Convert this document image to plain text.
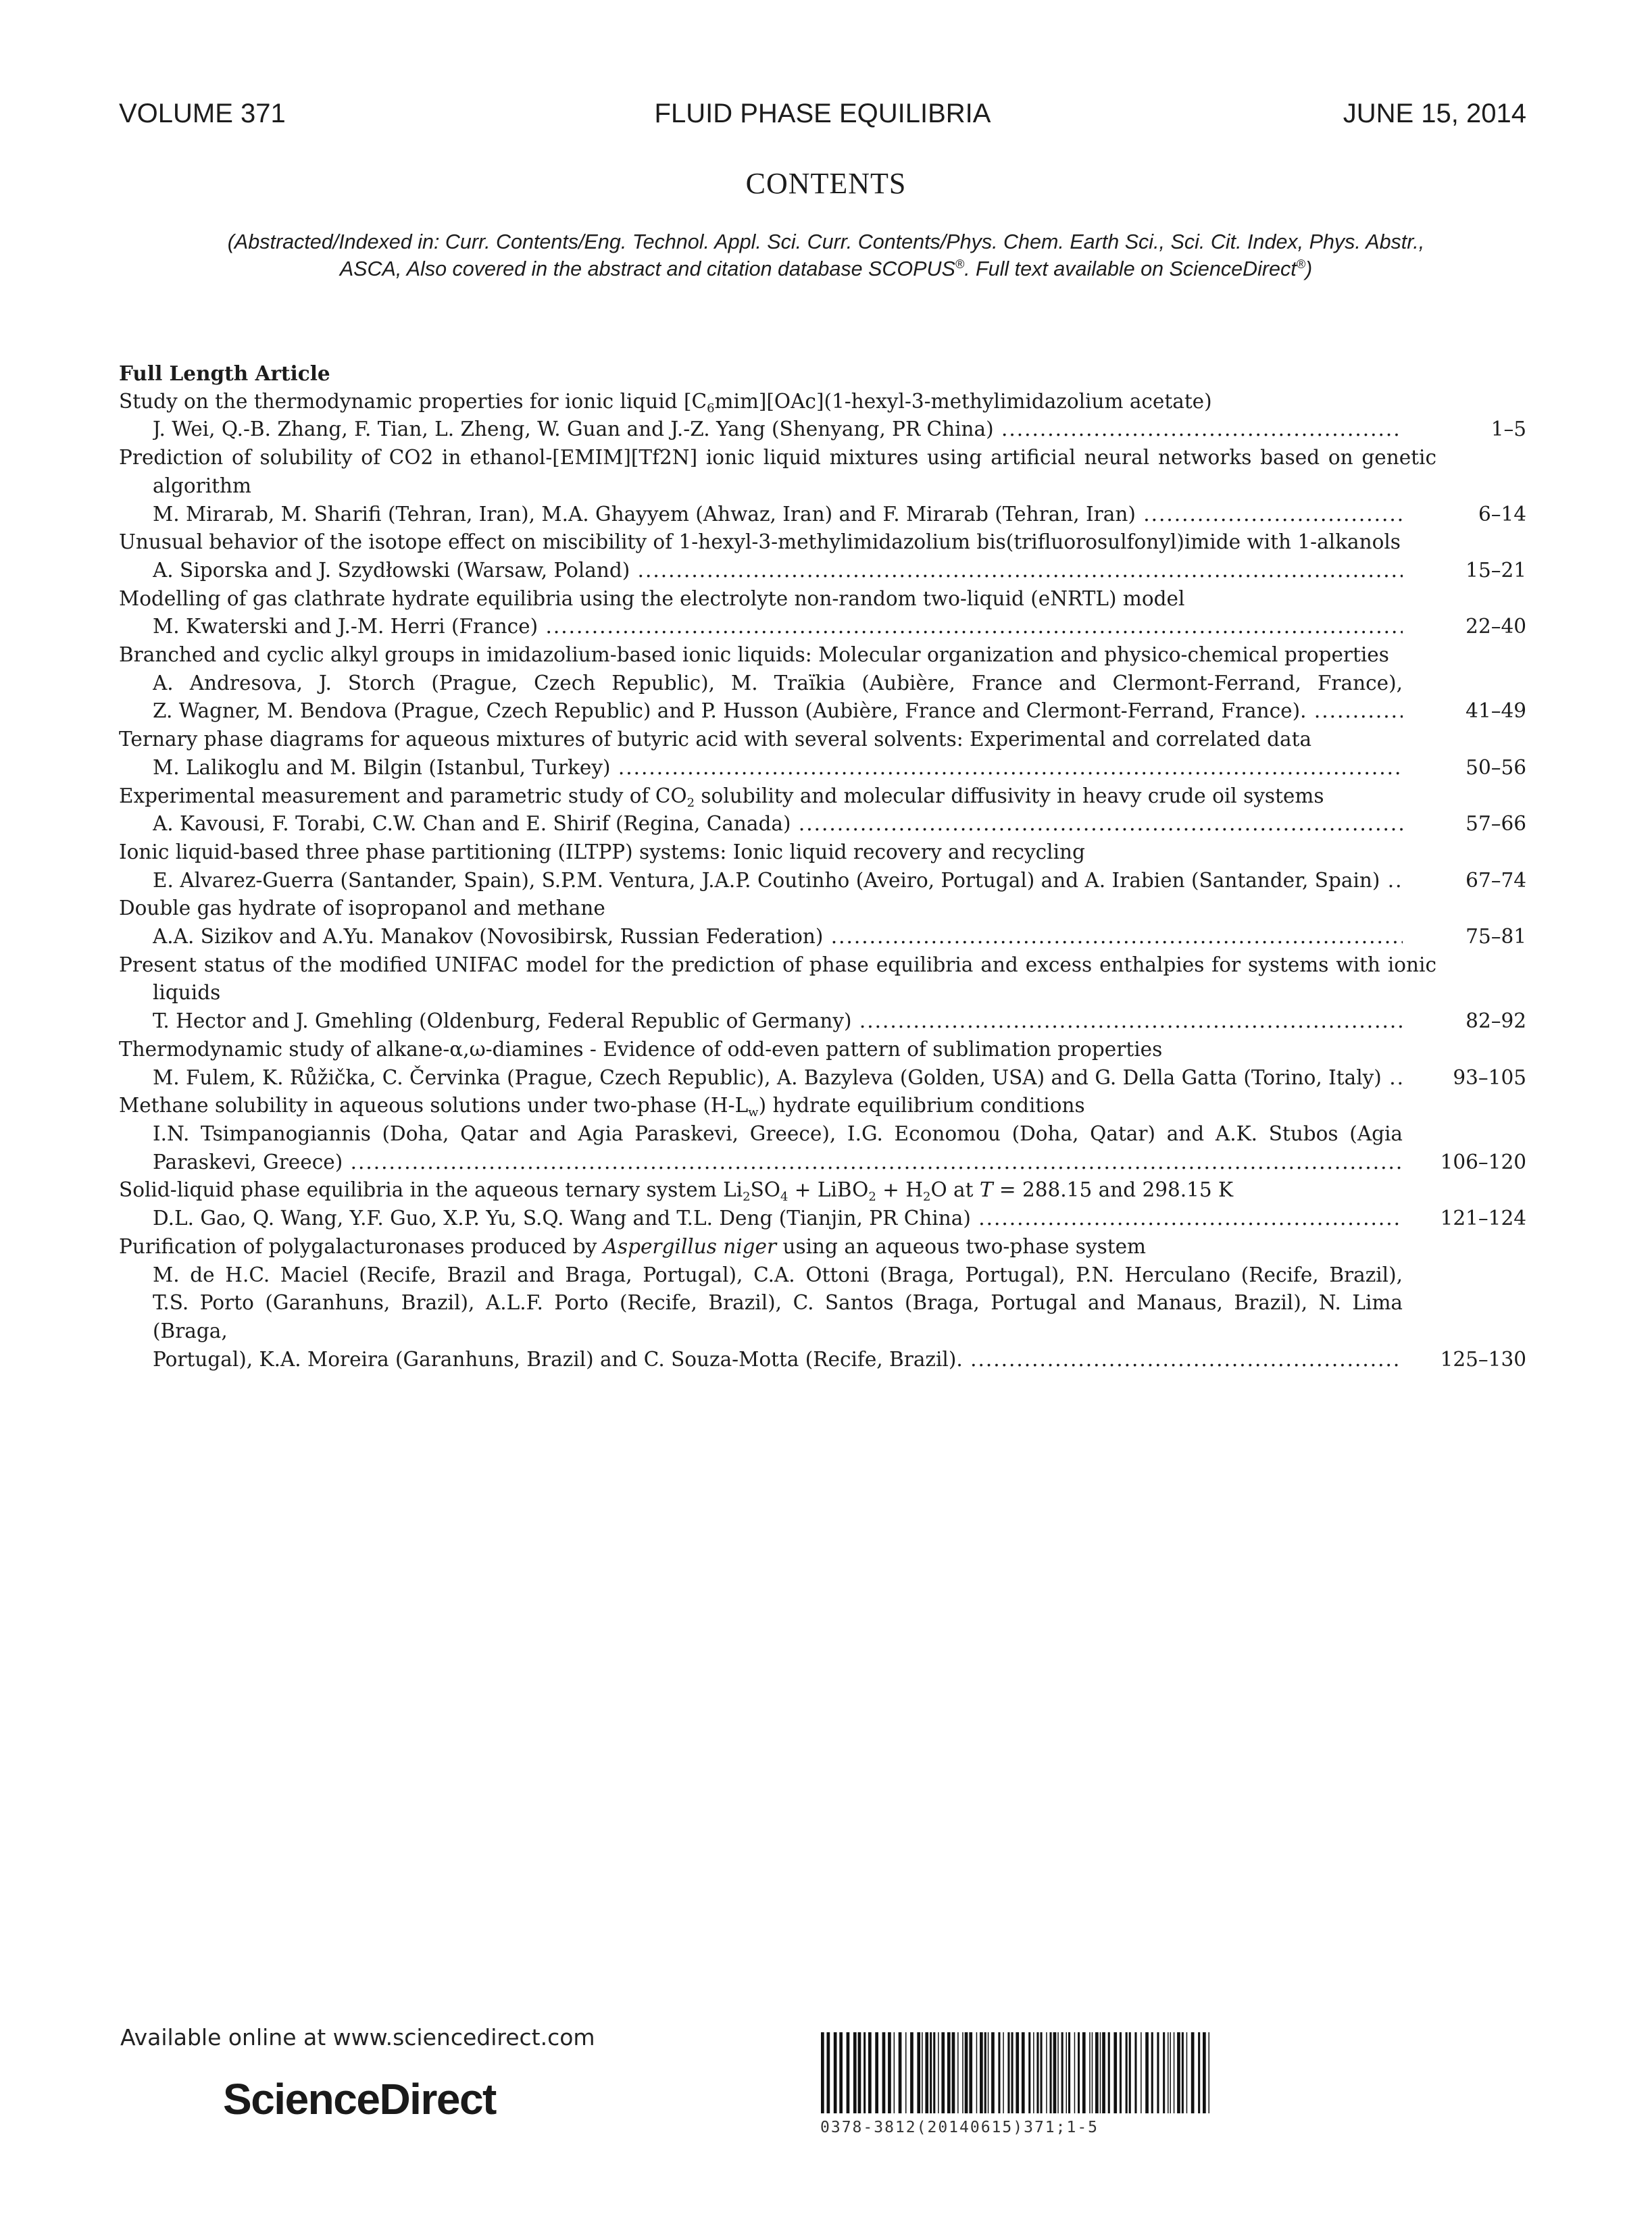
VOLUME 371	FLUID PHASE EQUILIBRIA	JUNE 15, 2014
CONTENTS
(Abstracted/Indexed in: Curr. Contents/Eng. Technol. Appl. Sci. Curr. Contents/Phys. Chem. Earth Sci., Sci. Cit. Index, Phys. Abstr.,
ASCA, Also covered in the abstract and citation database SCOPUS®. Full text available on ScienceDirect®)
Full Length Article
Study on the thermodynamic properties for ionic liquid $[C_6mim][OAc](1-hexyl-3$-methylimidazolium acetate)
J. Wei, Q.-B. Zhang, F. Tian, L. Zheng, W. Guan and J.-Z. Yang (Shenyang, PR China) .....	1–5
Prediction of solubility of CO2 in ethanol-[EMIM][Tf2N] ionic liquid mixtures using artificial neural networks based on genetic algorithm
M. Mirarab, M. Sharifi (Tehran, Iran), M.A. Ghayyem (Ahwaz, Iran) and F. Mirarab (Tehran, Iran) .....	6–14
Unusual behavior of the isotope effect on miscibility of 1-hexyl-3-methylimidazolium bis(trifluorosulfonyl)imide with 1-alkanols
A. Siporska and J. Szydłowski (Warsaw, Poland) .....	15–21
Modelling of gas clathrate hydrate equilibria using the electrolyte non-random two-liquid (eNRTL) model
M. Kwaterski and J.-M. Herri (France) .....	22–40
Branched and cyclic alkyl groups in imidazolium-based ionic liquids: Molecular organization and physico-chemical properties
A. Andresova, J. Storch (Prague, Czech Republic), M. Traïkia (Aubière, France and Clermont-Ferrand, France),
Z. Wagner, M. Bendova (Prague, Czech Republic) and P. Husson (Aubière, France and Clermont-Ferrand, France). .....	41–49
Ternary phase diagrams for aqueous mixtures of butyric acid with several solvents: Experimental and correlated data
M. Lalikoglu and M. Bilgin (Istanbul, Turkey) .....	50–56
Experimental measurement and parametric study of $CO_2$ solubility and molecular diffusivity in heavy crude oil systems
A. Kavousi, F. Torabi, C.W. Chan and E. Shirif (Regina, Canada) .....	57–66
Ionic liquid-based three phase partitioning (ILTPP) systems: Ionic liquid recovery and recycling
E. Alvarez-Guerra (Santander, Spain), S.P.M. Ventura, J.A.P. Coutinho (Aveiro, Portugal) and A. Irabien (Santander, Spain) .....	67–74
Double gas hydrate of isopropanol and methane
A.A. Sizikov and A.Yu. Manakov (Novosibirsk, Russian Federation) .....	75–81
Present status of the modified UNIFAC model for the prediction of phase equilibria and excess enthalpies for systems with ionic liquids
T. Hector and J. Gmehling (Oldenburg, Federal Republic of Germany) .....	82–92
Thermodynamic study of alkane-α,ω-diamines - Evidence of odd-even pattern of sublimation properties
M. Fulem, K. Růžička, C. Červinka (Prague, Czech Republic), A. Bazyleva (Golden, USA) and G. Della Gatta (Torino, Italy) .....	93–105
Methane solubility in aqueous solutions under two-phase $(H-L_w)$ hydrate equilibrium conditions
I.N. Tsimpanogiannis (Doha, Qatar and Agia Paraskevi, Greece), I.G. Economou (Doha, Qatar) and A.K. Stubos (Agia
Paraskevi, Greece) .....	106–120
Solid-liquid phase equilibria in the aqueous ternary system $Li_2SO_4$ + LiBO$_2$ + $H_2O$ at T = 288.15 and 298.15 K
D.L. Gao, Q. Wang, Y.F. Guo, X.P. Yu, S.Q. Wang and T.L. Deng (Tianjin, PR China) .....	121–124
Purification of polygalacturonases produced by Aspergillus niger using an aqueous two-phase system
M. de H.C. Maciel (Recife, Brazil and Braga, Portugal), C.A. Ottoni (Braga, Portugal), P.N. Herculano (Recife, Brazil),
T.S. Porto (Garanhuns, Brazil), A.L.F. Porto (Recife, Brazil), C. Santos (Braga, Portugal and Manaus, Brazil), N. Lima (Braga,
Portugal), K.A. Moreira (Garanhuns, Brazil) and C. Souza-Motta (Recife, Brazil). .....	125–130
Available online at www.sciencedirect.com
ScienceDirect
0378-3812(20140615)371;1-5
